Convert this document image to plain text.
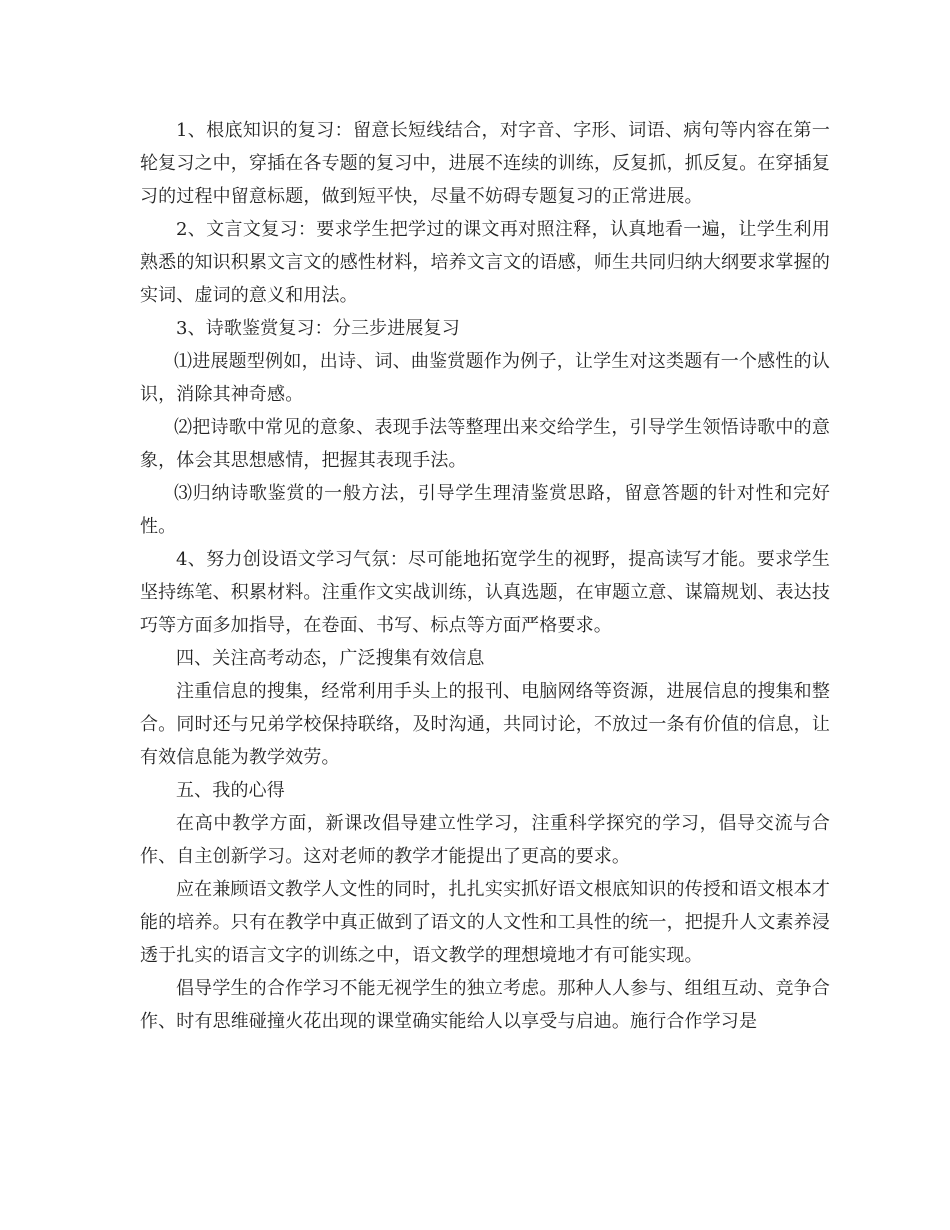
1、根底知识的复习：留意长短线结合，对字音、字形、词语、病句等内容在第一轮复习之中，穿插在各专题的复习中，进展不连续的训练，反复抓，抓反复。在穿插复习的过程中留意标题，做到短平快，尽量不妨碍专题复习的正常进展。

2、文言文复习：要求学生把学过的课文再对照注释，认真地看一遍，让学生利用熟悉的知识积累文言文的感性材料，培养文言文的语感，师生共同归纳大纲要求掌握的实词、虚词的意义和用法。

3、诗歌鉴赏复习：分三步进展复习

⑴进展题型例如，出诗、词、曲鉴赏题作为例子，让学生对这类题有一个感性的认识，消除其神奇感。

⑵把诗歌中常见的意象、表现手法等整理出来交给学生，引导学生领悟诗歌中的意象，体会其思想感情，把握其表现手法。

⑶归纳诗歌鉴赏的一般方法，引导学生理清鉴赏思路，留意答题的针对性和完好性。

4、努力创设语文学习气氛：尽可能地拓宽学生的视野，提高读写才能。要求学生坚持练笔、积累材料。注重作文实战训练，认真选题，在审题立意、谋篇规划、表达技巧等方面多加指导，在卷面、书写、标点等方面严格要求。

四、关注高考动态，广泛搜集有效信息

注重信息的搜集，经常利用手头上的报刊、电脑网络等资源，进展信息的搜集和整合。同时还与兄弟学校保持联络，及时沟通，共同讨论，不放过一条有价值的信息，让有效信息能为教学效劳。

五、我的心得

在高中教学方面，新课改倡导建立性学习，注重科学探究的学习，倡导交流与合作、自主创新学习。这对老师的教学才能提出了更高的要求。

应在兼顾语文教学人文性的同时，扎扎实实抓好语文根底知识的传授和语文根本才能的培养。只有在教学中真正做到了语文的人文性和工具性的统一，把提升人文素养浸透于扎实的语言文字的训练之中，语文教学的理想境地才有可能实现。

倡导学生的合作学习不能无视学生的独立考虑。那种人人参与、组组互动、竞争合作、时有思维碰撞火花出现的课堂确实能给人以享受与启迪。施行合作学习是
